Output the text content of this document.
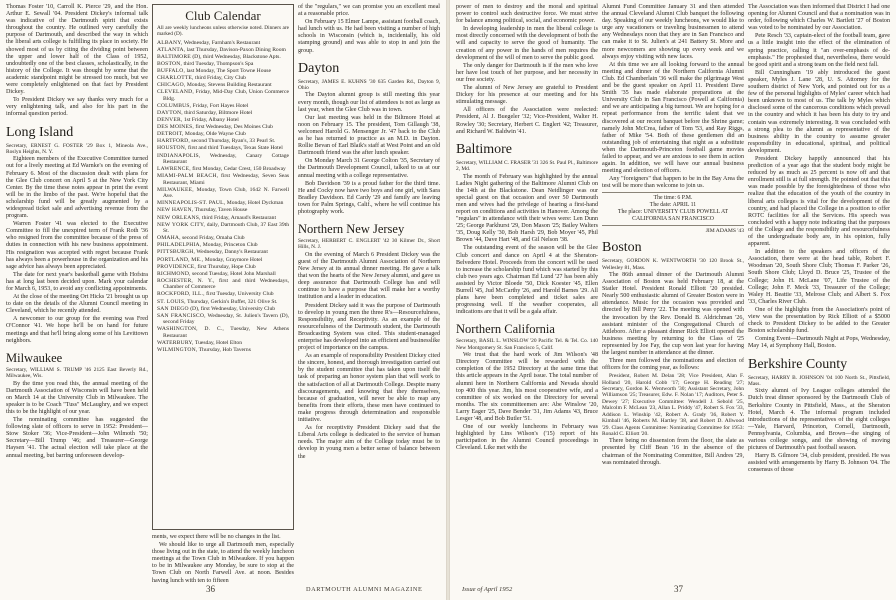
Thomas Foster '10, Carroll K. Pierce '29, and the Hon. Arthur E. Sewall '04. President Dickey's informal talk was indicative of the Dartmouth spirit that exists throughout the country. He outlined very carefully the purpose of Dartmouth, and described the way in which the liberal arts college is fulfilling its place in society. He showed most of us by citing the dividing point between the upper and lower half of the Class of 1952, undoubtedly one of the best classes, scholastically, in the history of the College. It was thought by some that the academic standpoint might be stressed too much, but we were completely enlightened on that fact by President Dickey.

To President Dickey we say thanks very much for a very enlightening talk, and also for his part in the informal question period.

Long Island

Secretary, ERNEST G. FOSTER '29 Box 1, Mineola Ave., Roslyn Heights, N. Y.

Eighteen members of the Executive Committee turned out for a lively meeting at Ed Warnke's on the evening of February 6. Most of the discussion dealt with plans for the Glee Club concert on April 5 at the New York City Center. By the time these notes appear in print the event will be in the limbo of the past. We're hopeful that the scholarship fund will be greatly augmented by a widespread ticket sale and advertising revenue from the program.

Warren Foster '41 was elected to the Executive Committee to fill the unexpired term of Frank Roth '36 who resigned from the committee because of the press of duties in connection with his new business appointment. His resignation was accepted with regret because Frank has always been a powerhouse in the organization and his sage advice has always been appreciated.

The date for next year's basketball game with Hofstra has at long last been decided upon. Mark your calendar for March 6, 1953, to avoid any conflicting appointments.

At the close of the meeting Ort Hicks '21 brought us up to date on the details of the Alumni Council meeting in Cleveland, which he recently attended.

A newcomer to our group for the evening was Fred O'Connor '41. We hope he'll be on hand for future meetings and that he'll bring along some of his Levittown neighbors.

Milwaukee

Secretary, WILLIAM S. TRUMP '46 2125 East Beverly Rd., Milwaukee, Wis.

By the time you read this, the annual meeting of the Dartmouth Association of Wisconsin will have been held on March 14 at the University Club in Milwaukee. The speaker is to be Coach "Tuss" McLaughry, and we expect this to be the highlight of our year.

The nominating committee has suggested the following slate of officers to serve in 1952: President—Stow Stoker '36; Vice-President—John Wilmoth '50; Secretary—Bill Trump '46; and Treasurer—George Haysen '41. The actual election will take place at the annual meeting, but barring unforeseen develop-

Club Calendar
All are weekly luncheons unless otherwise noted. Dinners are marked (D).
ALBANY, Wednesday, Farnham's Restaurant
ATLANTA, last Thursday, Davison-Paxon Dining Room
BALTIMORE (D), third Wednesday, Blackstone Apts.
BOSTON, third Tuesday, Thompson's Spa
BUFFALO, last Monday, The Sport Towne House
CHARLOTTE, third Friday, City Club
CHICAGO, Monday, Stevens Building Restaurant
CLEVELAND, Friday, Mid-Day Club, Union Commerce Bldg.
COLUMBUS, Friday, Fort Hayes Hotel
DAYTON, third Saturday, Biltmore Hotel
DENVER, 1st Friday, Albany Hotel
DES MOINES, first Wednesday, Des Moines Club
DETROIT, Monday, Olde Wayne Club
HARTFORD, second Thursday, Ryan's, 33 Pearl St.
HOUSTON, first and third Tuesdays, Texas State Hotel
INDIANAPOLIS, Wednesday, Canary Cottage Restaurant
LAWRENCE, first Monday, Cedar Crest, 150 Broadway
MIAMI-PALM BEACH, first Wednesday, Seven Seas Restaurant, Miami
MILWAUKEE, Monday, Town Club, 1642 N. Farwell Ave.
MINNEAPOLIS-ST. PAUL, Monday, Hotel Dyckman
NEW HAVEN, Thursday, Taven House
NEW ORLEANS, third Friday, Arnaud's Restaurant
NEW YORK CITY, daily, Dartmouth Club, 37 East 39th St.
OMAHA, second Friday, Omaha Club
PHILADELPHIA, Monday, Princeton Club
PITTSBURGH, Wednesday, Danny's Restaurant
PORTLAND, ME., Monday, Graymore Hotel
PROVIDENCE, first Thursday, Hope Club
RICHMOND, second Tuesday, Hotel John Marshall
ROCHESTER, N. Y., first and third Wednesdays, Chamber of Commerce
ROCKFORD, ILL., first Tuesday, University Club
ST. LOUIS, Thursday, Gerkin's Buffet, 321 Olive St.
SAN DIEGO (D), first Wednesday, University Club
SAN FRANCISCO, Wednesday, St. Julien's Tavern (D), second Friday
WASHINGTON, D. C., Tuesday, New Athens Restaurant
WATERBURY, Tuesday, Hotel Elton
WILMINGTON, Thursday, Hob Taverns

ments, we expect there will be no changes in the list.

We should like to urge all Dartmouth men, especially those living out in the state, to attend the weekly luncheon meetings at the Town Club in Milwaukee. If you happen to be in Milwaukee any Monday, be sure to stop at the Town Club on North Farwell Ave. at noon. Besides having lunch with ten to fifteen

of the "regulars," we can promise you an excellent meal at a reasonable price.

On February 15 Elmer Lampe, assistant football coach, had lunch with us. He had been visiting a number of high schools in Wisconsin (which is, incidentally, his old stamping ground) and was able to stop in and join the group.

Dayton

Secretary, JAMES E. KUHNS '30 635 Garden Rd., Dayton 9, Ohio

The Dayton alumni group is still meeting this year every month, though our list of attendees is not as large as last year, when the Glee Club was in town.

Our last meeting was held in the Biltmore Hotel at noon on February 15. The president, Tom Gillaugh '38, welcomed Harold G. Mensenger Jr. '47 back to the Club as he has returned to practice as an M.D. in Dayton. Rollie Bevan of Earl Blaik's staff at West Point and an old Dartmouth friend was the after lunch speaker.

On Monday March 31 George Colton '35, Secretary of the Dartmouth Development Council, talked to us at our annual meeting with a college representative.

Bob Davidson '39 is a proud father for the third time. He and Cocky now have two boys and one girl, with Sara Bradley Davidson. Ed Cardy '29 and family are leaving town for Palm Springs, Calif., where he will continue his photography work.

Northern New Jersey

Secretary, HERBERT C. ENGLERT '42 30 Kilmer Dr., Short Hills, N. J.

On the evening of March 6 President Dickey was the guest of the Dartmouth Alumni Association of Northern New Jersey at its annual dinner meeting. He gave a talk that won the hearts of the New Jersey alumni, and gave us deep assurance that Dartmouth College has and will continue to have a purpose that will make her a worthy institution and a leader in education.

President Dickey said it was the purpose of Dartmouth to develop in young men the three R's—Resourcefulness, Responsibility, and Receptivity. As an example of the resourcefulness of the Dartmouth student, the Dartmouth Broadcasting System was cited. This student-managed enterprise has developed into an efficient and businesslike project of importance on the campus.

As an example of responsibility President Dickey cited the sincere, honest, and thorough investigation carried out by the student committee that has taken upon itself the task of preparing an honor system plan that will work to the satisfaction of all at Dartmouth College. Despite many discouragements, and knowing that they themselves, because of graduation, will never be able to reap any benefits from their efforts, these men have continued to make progress through determination and responsible initiative.

As for receptivity President Dickey said that the Liberal Arts college is dedicated to the service of human needs. The major aim of the College today must be to develop in young men a better sense of balance between the

36	DARTMOUTH ALUMNI MAGAZINE

power of men to destroy and the moral and spiritual power to control such destructive force. We must strive for balance among political, social, and economic power.

In developing leadership in men the liberal college is most directly concerned with the development of both the will and capacity to serve the good of humanity. The creation of any power in the hands of men requires the development of the will of men to serve the public good.

The only danger for Dartmouth is if the men who love her have lost touch of her purpose, and her necessity in our free society.

The alumni of New Jersey are grateful to President Dickey for his presence at our meeting and for his stimulating message.

All officers of the Association were reelected: President, Al J. Buegeler '32; Vice-President, Walter H. Rowley '30; Secretary, Herbert C. Englert '42; Treasurer, and Richard W. Baldwin '41.

Baltimore

Secretary, WILLIAM C. FRASER '31 326 St. Paul Pl., Baltimore 2, Md.

The month of February was highlighted by the annual Ladies Night gathering of the Baltimore Alumni Club on the 14th at the Blackstone. Dean Neidlinger was our special guest on that occasion and over 50 Dartmouth men and wives had the privilege of hearing a first-hand report on conditions and activities in Hanover. Among the "regulars" in attendance with their wives were: Len Dunn '25; George Parkhurst '29, Don Mason '25; Bailey Walters '35, Doug Kelly '30, Bob Harsh '29, Bob Moyer '45, Phil Brown '44, Dave Hart '48, and Gil Nelson '38.

The outstanding event of the season will be the Glee Club concert and dance on April 4 at the Sheraton-Belvedere Hotel. Proceeds from the concert will be used to increase the scholarship fund which was started by this club two years ago. Chairman Ed Lund '27 has been ably assisted by Victor Bloede '50, Dick Koester '45, Ellen Burrell '45, Jud McCarthy '26, and Harold Barnes '29. All plans have been completed and ticket sales are progressing well. If the weather cooperates, all indications are that it will be a gala affair.

Northern California

Secretary, BASIL L. WINSLOW '20 Pacific Tel. & Tel. Co. 140 New Montgomery St. San Francisco 5, Calif.

We trust that the hard work of Jim Wilson's '48 Directory Committee will be rewarded with the completion of the 1952 Directory at the same time that this article appears in the April issue. The total number of alumni here in Northern California and Nevada should top 400 this year. Jim, his most cooperative wife, and a committee of six worked on the Directory for several months. The six committeemen are: Abe Winslow '20, Larry Eager '25, Dave Bender '31, Jim Adams '43, Bruce Lesger '48, and Bob Butler '51.

One of our weekly luncheons in February was highlighted by Lins Wilson's ('15) report of his participation in the Alumni Council proceedings in Cleveland. Like met with the

Alumni Fund Committee January 31 and then attended the annual Cleveland Alumni Club banquet the following day. Speaking of our weekly luncheons, we would like to urge any vacationers or traveling businessmen to attend any Wednesdays noon that they are in San Francisco and can make it to St. Julien's at 241 Battery St. More and more newcomers are showing up every week and we always enjoy visiting with new faces.

At this time we are all looking forward to the annual meeting and dinner of the Northern California Alumni Club. Ed Chamberlain '36 will make the pilgrimage West and be the guest speaker on April 11. President Dave Smith '35 has made elaborate preparations at the University Club in San Francisco (Powell at California) and we are anticipating a big turnout. We are hoping for a repeat performance from the terrific talent that we discovered at our recent banquet before the Shrine game; namely John McCrea, father of Tom '53, and Ray Riggs, father of Mike '54. Both of these gentlemen did an outstanding job of entertaining that night as a substitute when the Dartmouth-Princeton football game movies failed to appear, and we are anxious to see them in action again. In addition, we will have our annual business meeting and election of officers.

Any "foreigners" that happen to be in the Bay Area the test will be more than welcome to join us.

The time: 6 P.M.
The date: APRIL 11
The place: UNIVERSITY CLUB POWELL AT CALIFORNIA SAN FRANCISCO
JIM ADAMS '43
Boston

Secretary, GORDON K. WENTWORTH '30 120 Brook St., Wellesley 81, Mass.

The 86th annual dinner of the Dartmouth Alumni Association of Boston was held February 18, at the Statler Hotel. President Ronald Elliott '20 presided. Nearly 500 enthusiastic alumni of Greater Boston were in attendance. Music for the occasion was provided and directed by Bill Perry '22. The meeting was opened with the invocation by the Rev. Donald B. Aldrichman '26, assistant minister of the Congregational Church of Attleboro. After a pleasant dinner Rick Elliott opened the business meeting by returning to the Class of '25 represented by Joe Fay, the cup won last year for having the largest number in attendance at the dinner.

Three men followed the nominations and election of officers for the coming year, as follows:

President, Robert M. Delan '28; Vice President, Alan F. Holland '20, Harold Cobb '17; George H. Reading '27; Secretary, Gordon K. Wentworth '30; Assistant Secretary, John Williamson '25; Treasurer, Edw. F. Nolan '17; Auditors, Peter S. Dewey '27; Executive Committee: Wendell J. Sebold '25, Malcolm F. McLean '23, Allan L. Priddy '47, Robert S. Fox '33, Addison L. Winship '42, Robert A. Grady '36, Robert Y. Kimball '46, Roberts M. Hartley '38, and Robert D. Allwood '29. Class Agents Committee: Nominating Committee for 1953: Ronald C. Elliott '20.

There being no dissension from the floor, the slate as presented by Cliff Bean '16 in the absence of the chairman of the Nominating Committee, Bill Andres '29, was nominated through.

The Association was then informed that District I had one opening for Alumni Council and that a nomination was in order, following which Charles W. Bartlett '27 of Boston was voted to be nominated by our Association.

Pete Resch '33, captain-elect of the football team, gave us a little insight into the effect of the elimination of spring practice, calling it "an over-emphasis of de-emphasis." He prophesied that, nevertheless, there would be good spirit and a strong team on the field next fall.

Bill Cunningham '19 ably introduced the guest speaker, Myles J. Lane '28, U. S. Attorney for the southern district of New York, and pointed out for us a few of the personal highlights of Myles' career which had been unknown to most of us. The talk by Myles which disclosed some of the cancerous conditions which prevail in the country and which it has been his duty to try and contain was extremely interesting. It was concluded with a strong plea to the alumni as representative of the business ability in the country to assume greater responsibility in educational, spiritual, and political development.

President Dickey happily announced that his prediction of a year ago that the student body might be reduced by as much as 25 percent is now off and that enrollment still is at full strength. He pointed out that this was made possible by the foresightedness of those who realize that the education of the youth of the country in liberal arts colleges is vital for the development of the country, and had placed the College in a position to offer ROTC facilities for all the Services. His speech was concluded with a happy note indicating that the purposes of the College and the responsibility and resourcefulness of the undergraduate body are, in his opinion, fully apparent.

In addition to the speakers and officers of the Association, there were at the head table, Robert F. Woodman '20, South Shore Club; Thomas F. Parker '26, South Shore Club; Lloyd D. Bruce '25, Trustee of the College; John H. McLane '07, Life Trustee of the College; John F. Meck '33, Treasurer of the College; Waley H. Beattie '33, Melrose Club; and Albert S. Fox '33, Charles River Club.

One of the highlights from the Association's point of view was the presentation by Rick Elliott of a $5000 check to President Dickey to be added to the Greater Boston scholarship fund.

Coming Event—Dartmouth Night at Pops, Wednesday, May 14, at Symphony Hall, Boston.

Berkshire County

Secretary, HARRY B. JOHNSON '04 100 North St., Pittsfield, Mass.

Sixty alumni of Ivy League colleges attended the Dutch treat dinner sponsored by the Dartmouth Club of Berkshire County in Pittsfield, Mass., at the Sheraton Hotel, March 4. The informal program included introductions of the representatives of the eight colleges—Yale, Harvard, Princeton, Cornell, Dartmouth, Pennsylvania, Columbia, and Brown—the singing of various college songs, and the showing of moving pictures of Dartmouth's past football season.

Harry B. Gilmore '34, club president, presided. He was assisted with arrangements by Harry B. Johnson '04. The consensus of those

Issue of April 1952	37
